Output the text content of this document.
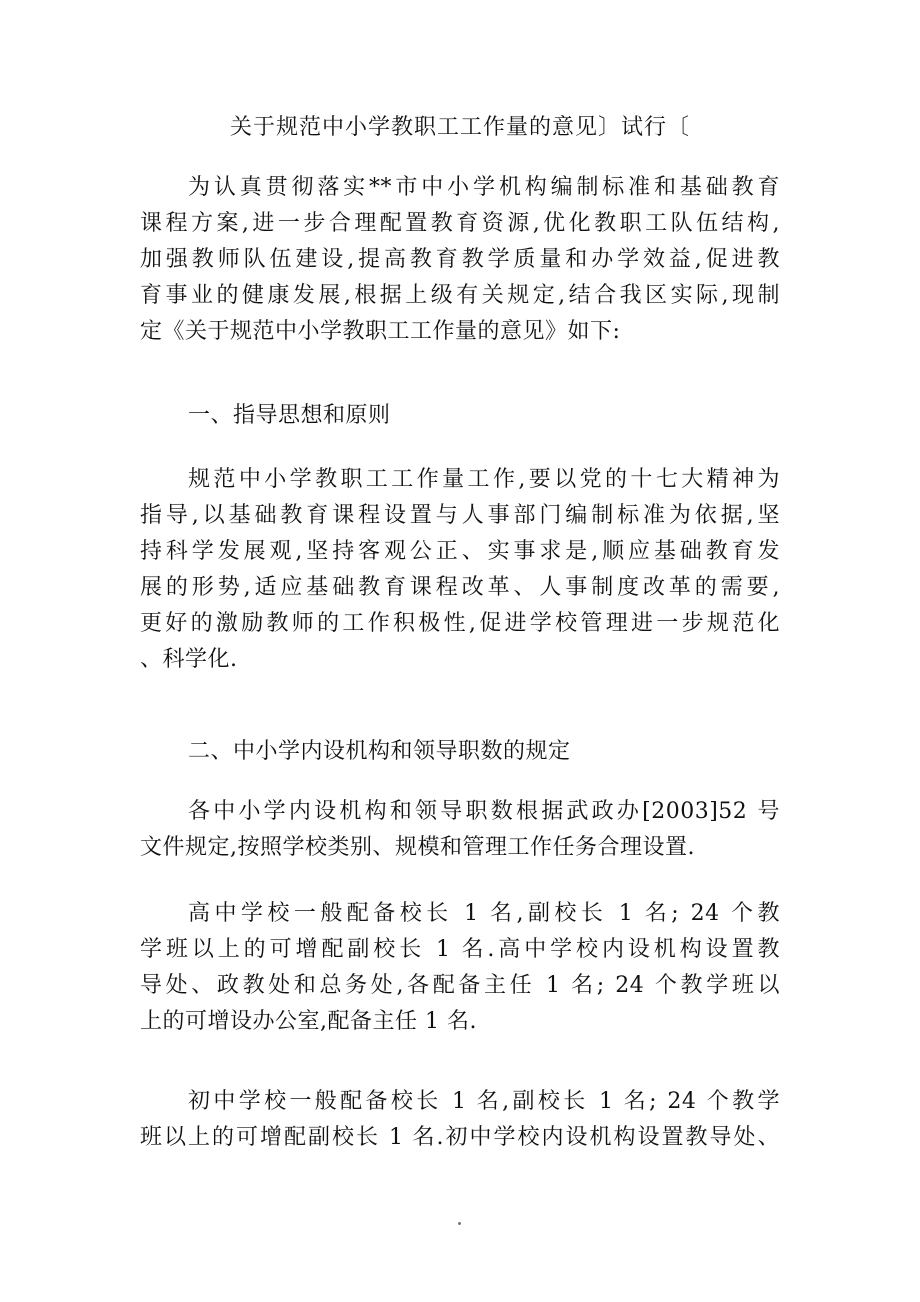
关于规范中小学教职工工作量的意见〕试行〔
为认真贯彻落实**市中小学机构编制标准和基础教育
课程方案,进一步合理配置教育资源,优化教职工队伍结构,
加强教师队伍建设,提高教育教学质量和办学效益,促进教
育事业的健康发展,根据上级有关规定,结合我区实际,现制
定《关于规范中小学教职工工作量的意见》如下:
一、指导思想和原则
规范中小学教职工工作量工作,要以党的十七大精神为
指导,以基础教育课程设置与人事部门编制标准为依据,坚
持科学发展观,坚持客观公正、实事求是,顺应基础教育发
展的形势,适应基础教育课程改革、人事制度改革的需要,
更好的激励教师的工作积极性,促进学校管理进一步规范化
、科学化.
二、中小学内设机构和领导职数的规定
各中小学内设机构和领导职数根据武政办[2003]52 号
文件规定,按照学校类别、规模和管理工作任务合理设置.
高中学校一般配备校长 1 名,副校长 1 名; 24 个教
学班以上的可增配副校长 1 名.高中学校内设机构设置教
导处、政教处和总务处,各配备主任 1 名; 24 个教学班以
上的可增设办公室,配备主任 1 名.
初中学校一般配备校长 1 名,副校长 1 名; 24 个教学
班以上的可增配副校长 1 名.初中学校内设机构设置教导处、
